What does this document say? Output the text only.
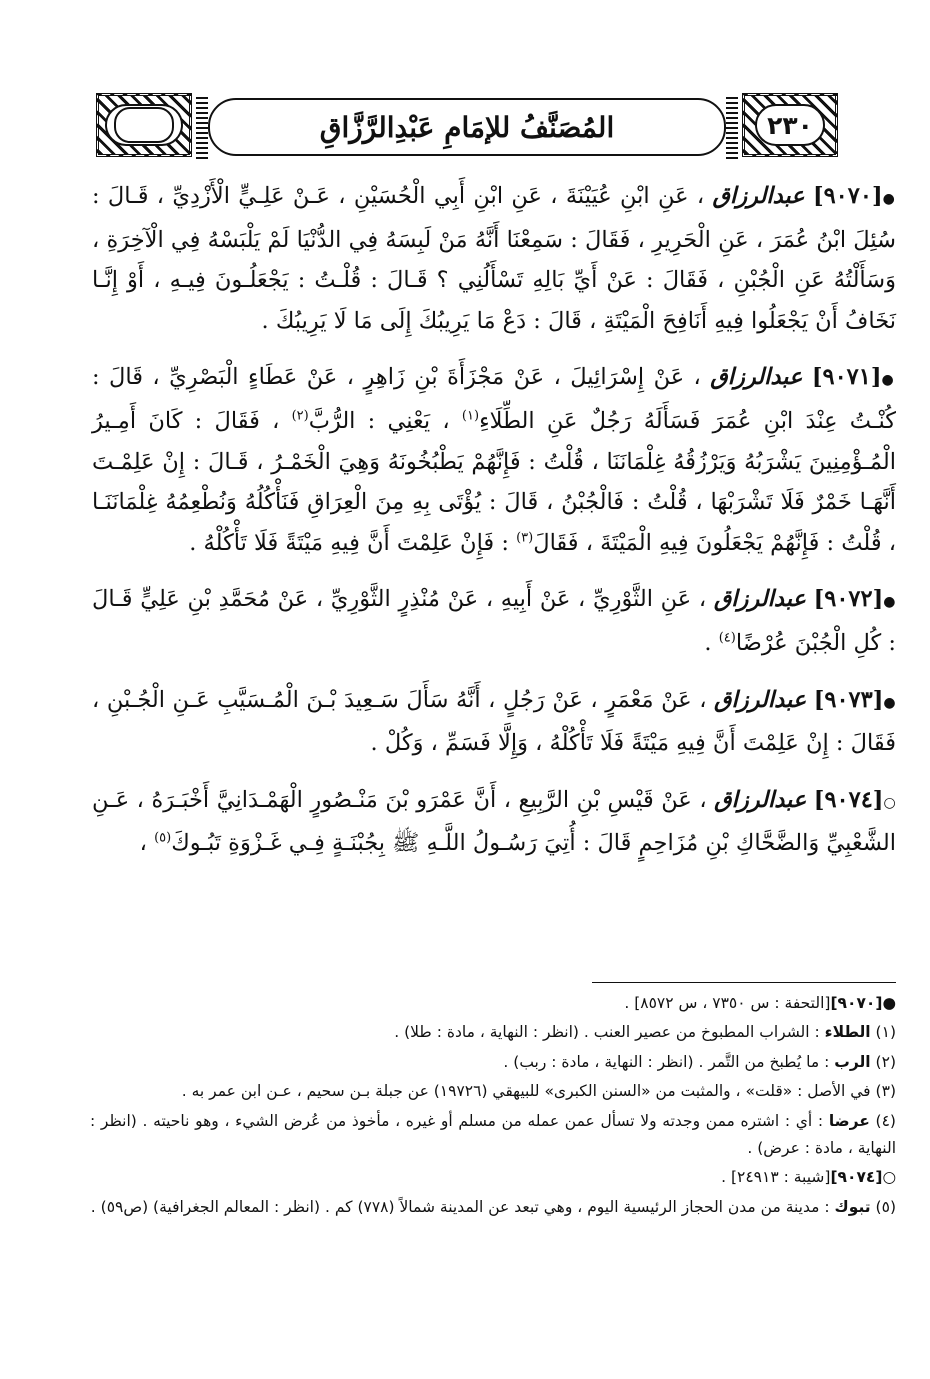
٢٣٠
المُصَنَّفُ للإمَامِ عَبْدِالرَّزَّاقِ

●[٩٠٧٠] عبدالرزاق ، عَنِ ابْنِ عُيَيْنَةَ ، عَنِ ابْنِ أَبِي الْحُسَيْنِ ، عَـنْ عَلِـيٍّ الْأَزْدِيِّ ، قَـالَ : سُئِلَ ابْنُ عُمَرَ ، عَنِ الْحَرِيرِ ، فَقَالَ : سَمِعْنَا أَنَّهُ مَنْ لَبِسَهُ فِي الدُّنْيَا لَمْ يَلْبَسْهُ فِي الْآخِرَةِ ، وَسَأَلْتُهُ عَنِ الْجُبْنِ ، فَقَالَ : عَنْ أَيِّ بَالِهِ تَسْأَلُنِي ؟ قَـالَ : قُلْـتُ : يَجْعَلُـونَ فِيـهِ ، أَوْ إِنَّـا نَخَافُ أَنْ يَجْعَلُوا فِيهِ أَنَافِحَ الْمَيْتَةِ ، قَالَ : دَعْ مَا يَرِيبُكَ إِلَى مَا لَا يَرِيبُكَ .

●[٩٠٧١] عبدالرزاق ، عَنْ إِسْرَائِيلَ ، عَنْ مَجْزَأَةَ بْنِ زَاهِرٍ ، عَنْ عَطَاءٍ الْبَصْرِيِّ ، قَالَ : كُنْـتُ عِنْدَ ابْنِ عُمَرَ فَسَأَلَهُ رَجُلٌ عَنِ الطِّلَاءِ$^{(١)}$ ، يَعْنِي : الرُّبَّ$^{(٢)}$ ، فَقَالَ : كَانَ أَمِـيرُ الْمُـؤْمِنِينَ يَشْرَبُهُ وَيَرْزُقُهُ غِلْمَانَنَا ، قُلْتُ : فَإِنَّهُمْ يَطْبُخُونَهُ وَهِيَ الْخَمْـرُ ، قَـالَ : إِنْ عَلِمْـتَ أَنَّهَـا خَمْرٌ فَلَا تَشْرَبْهَا ، قُلْتُ : فَالْجُبْنُ ، قَالَ : يُؤْتَى بِهِ مِنَ الْعِرَاقِ فَنَأْكُلُهُ وَنُطْعِمُهُ غِلْمَانَنَـا ، قُلْتُ : فَإِنَّهُمْ يَجْعَلُونَ فِيهِ الْمَيْتَةَ ، فَقَالَ$^{(٣)}$ : فَإِنْ عَلِمْتَ أَنَّ فِيهِ مَيْتَةً فَلَا تَأْكُلْهُ .

●[٩٠٧٢] عبدالرزاق ، عَنِ الثَّوْرِيِّ ، عَنْ أَبِيهِ ، عَنْ مُنْذِرٍ الثَّوْرِيِّ ، عَنْ مُحَمَّدِ بْنِ عَلِيٍّ قَـالَ : كُلِ الْجُبْنَ عُرْضًا$^{(٤)}$ .

●[٩٠٧٣] عبدالرزاق ، عَنْ مَعْمَرٍ ، عَنْ رَجُلٍ ، أَنَّهُ سَأَلَ سَـعِيدَ بْـنَ الْمُـسَيَّبِ عَـنِ الْجُـبْنِ ، فَقَالَ : إِنْ عَلِمْتَ أَنَّ فِيهِ مَيْتَةً فَلَا تَأْكُلْهُ ، وَإِلَّا فَسَمِّ ، وَكُلْ .

○[٩٠٧٤] عبدالرزاق ، عَنْ قَيْسِ بْنِ الرَّبِيعِ ، أَنَّ عَمْرَو بْنَ مَنْـصُورٍ الْهَمْـدَانِيَّ أَخْبَـرَهُ ، عَـنِ الشَّعْبِيِّ وَالضَّحَّاكِ بْنِ مُزَاحِمٍ قَالَ : أُتِيَ رَسُـولُ اللَّـهِ ﷺ بِجُبْنَـةٍ فِـي غَـزْوَةِ تَبُـوكَ$^{(٥)}$ ،

●[٩٠٧٠][التحفة : س ٧٣٥٠ ، س ٨٥٧٢] .

(١) الطلاء : الشراب المطبوخ من عصير العنب . (انظر : النهاية ، مادة : طلا) .

(٢) الرب : ما يُطبخ من التَّمر . (انظر : النهاية ، مادة : ربب) .

(٣) في الأصل : «قلت» ، والمثبت من «السنن الكبرى» للبيهقي (١٩٧٢٦) عن جبلة بـن سحيم ، عـن ابن عمر به .

(٤) عرضا : أي : اشتره ممن وجدته ولا تسأل عمن عمله من مسلم أو غيره ، مأخوذ من عُرض الشيء ، وهو ناحيته . (انظر : النهاية ، مادة : عرض) .

○[٩٠٧٤][شيبة : ٢٤٩١٣] .

(٥) تبوك : مدينة من مدن الحجاز الرئيسية اليوم ، وهي تبعد عن المدينة شمالاً (٧٧٨) كم . (انظر : المعالم الجغرافية) (ص٥٩) .
